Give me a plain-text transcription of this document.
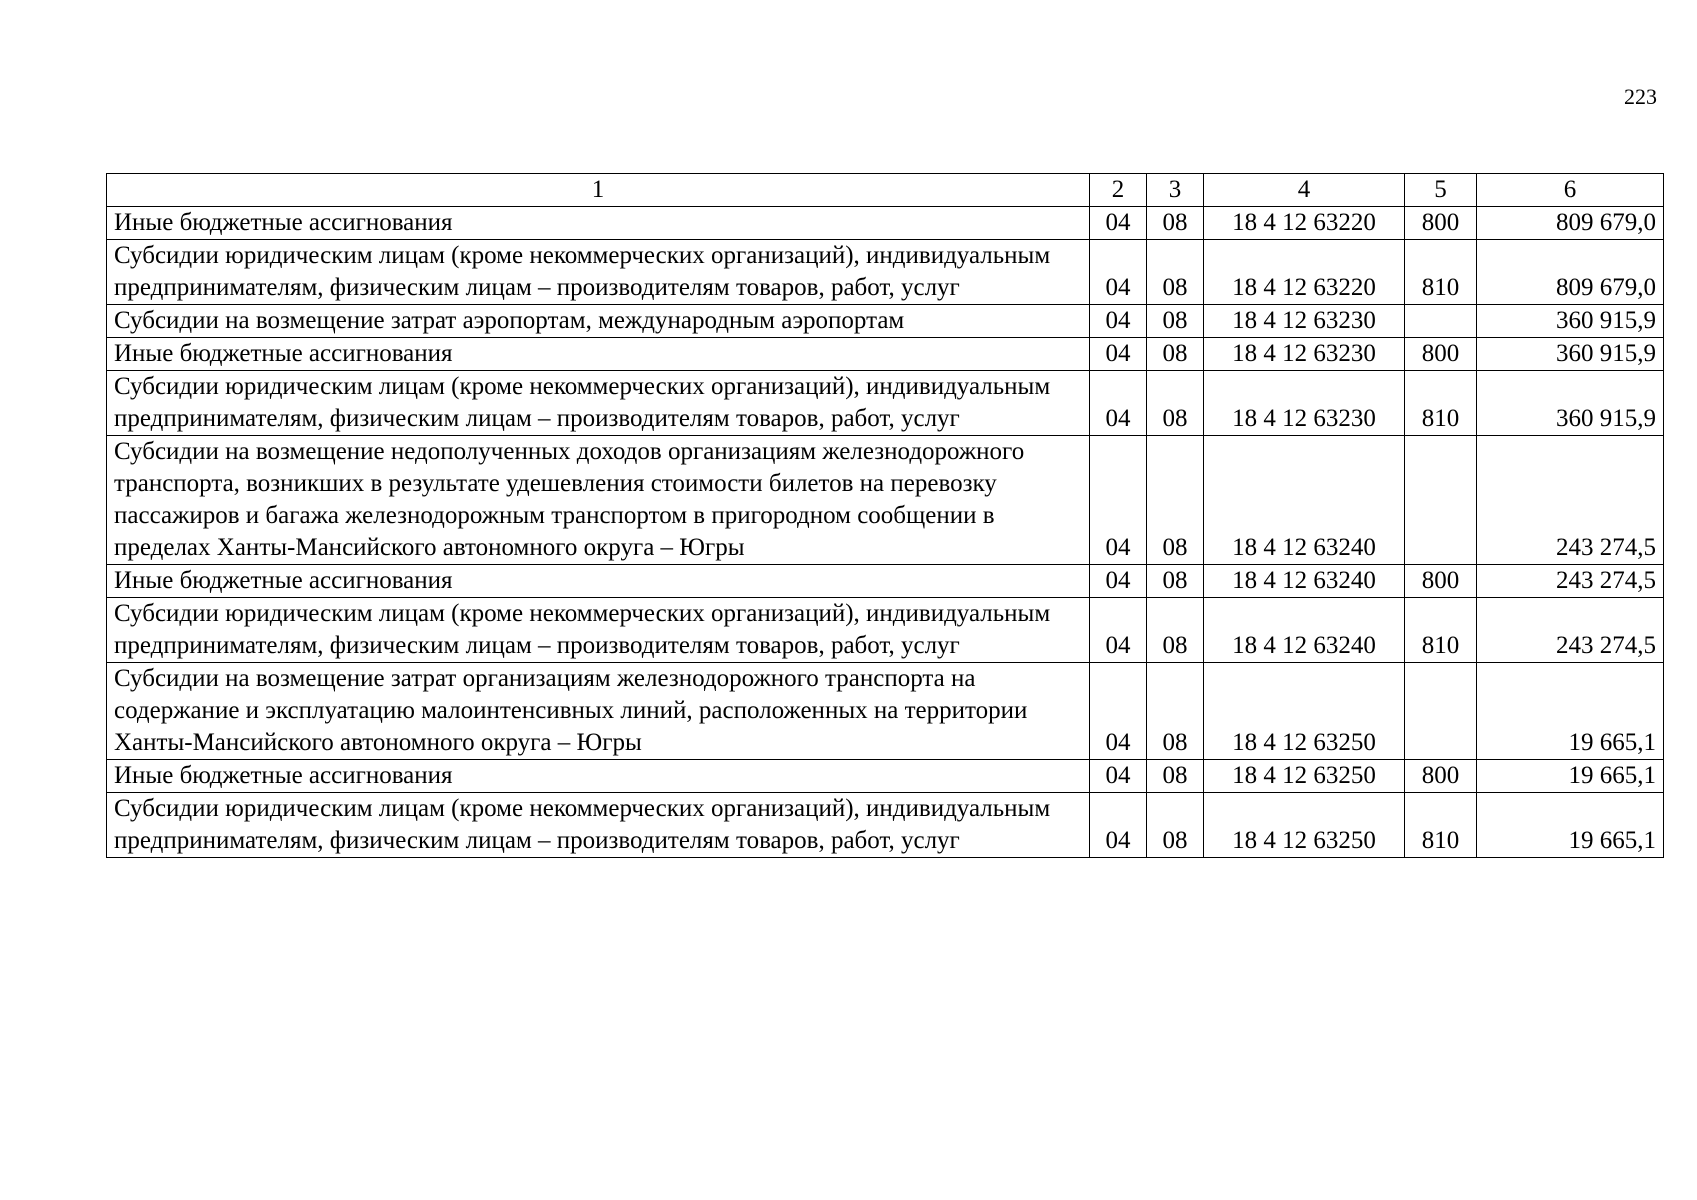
223
1	2	3	4	5	6
Иные бюджетные ассигнования	04	08	18 4 12 63220	800	809 679,0
Субсидии юридическим лицам (кроме некоммерческих организаций), индивидуальным предпринимателям, физическим лицам – производителям товаров, работ, услуг	04	08	18 4 12 63220	810	809 679,0
Субсидии на возмещение затрат аэропортам, международным аэропортам	04	08	18 4 12 63230		360 915,9
Иные бюджетные ассигнования	04	08	18 4 12 63230	800	360 915,9
Субсидии юридическим лицам (кроме некоммерческих организаций), индивидуальным предпринимателям, физическим лицам – производителям товаров, работ, услуг	04	08	18 4 12 63230	810	360 915,9
Субсидии на возмещение недополученных доходов организациям железнодорожного транспорта, возникших в результате удешевления стоимости билетов на перевозку пассажиров и багажа железнодорожным транспортом в пригородном сообщении в пределах Ханты-Мансийского автономного округа – Югры	04	08	18 4 12 63240		243 274,5
Иные бюджетные ассигнования	04	08	18 4 12 63240	800	243 274,5
Субсидии юридическим лицам (кроме некоммерческих организаций), индивидуальным предпринимателям, физическим лицам – производителям товаров, работ, услуг	04	08	18 4 12 63240	810	243 274,5
Субсидии на возмещение затрат организациям железнодорожного транспорта на содержание и эксплуатацию малоинтенсивных линий, расположенных на территории Ханты-Мансийского автономного округа – Югры	04	08	18 4 12 63250		19 665,1
Иные бюджетные ассигнования	04	08	18 4 12 63250	800	19 665,1
Субсидии юридическим лицам (кроме некоммерческих организаций), индивидуальным предпринимателям, физическим лицам – производителям товаров, работ, услуг	04	08	18 4 12 63250	810	19 665,1
